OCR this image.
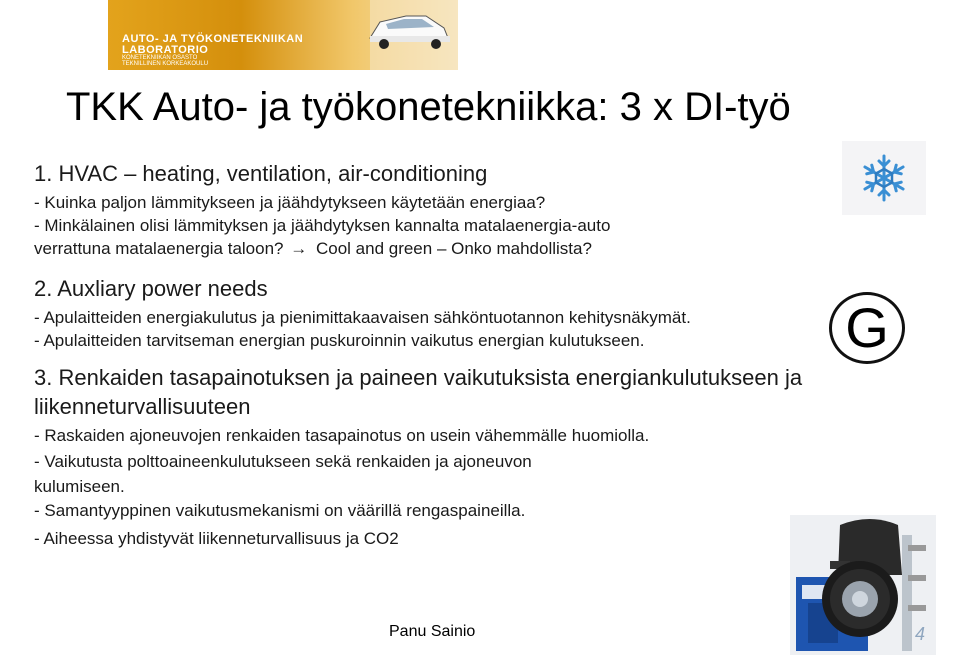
AUTO- JA TYÖKONETEKNIIKAN
LABORATORIO
KONETEKNIIKAN OSASTO
TEKNILLINEN KORKEAKOULU
TKK Auto- ja työkonetekniikka: 3 x DI-työ
1. HVAC – heating, ventilation, air-conditioning
- Kuinka paljon lämmitykseen ja jäähdytykseen käytetään energiaa?
- Minkälainen olisi lämmityksen ja jäähdytyksen kannalta matalaenergia-auto
verrattuna matalaenergia taloon? → Cool and green – Onko mahdollista?
2. Auxliary power needs
- Apulaitteiden energiakulutus ja pienimittakaavaisen sähköntuotannon kehitysnäkymät.
- Apulaitteiden tarvitseman energian puskuroinnin vaikutus energian kulutukseen.	G
3. Renkaiden tasapainotuksen ja paineen vaikutuksista energiankulutukseen ja
liikenneturvallisuuteen
- Raskaiden ajoneuvojen renkaiden tasapainotus on usein vähemmälle huomiolla.
- Vaikutusta polttoaineenkulutukseen sekä renkaiden ja ajoneuvon
kulumiseen.
- Samantyyppinen vaikutusmekanismi on väärillä rengaspaineilla.
- Aiheessa yhdistyvät liikenneturvallisuus ja CO2
Panu Sainio	4
